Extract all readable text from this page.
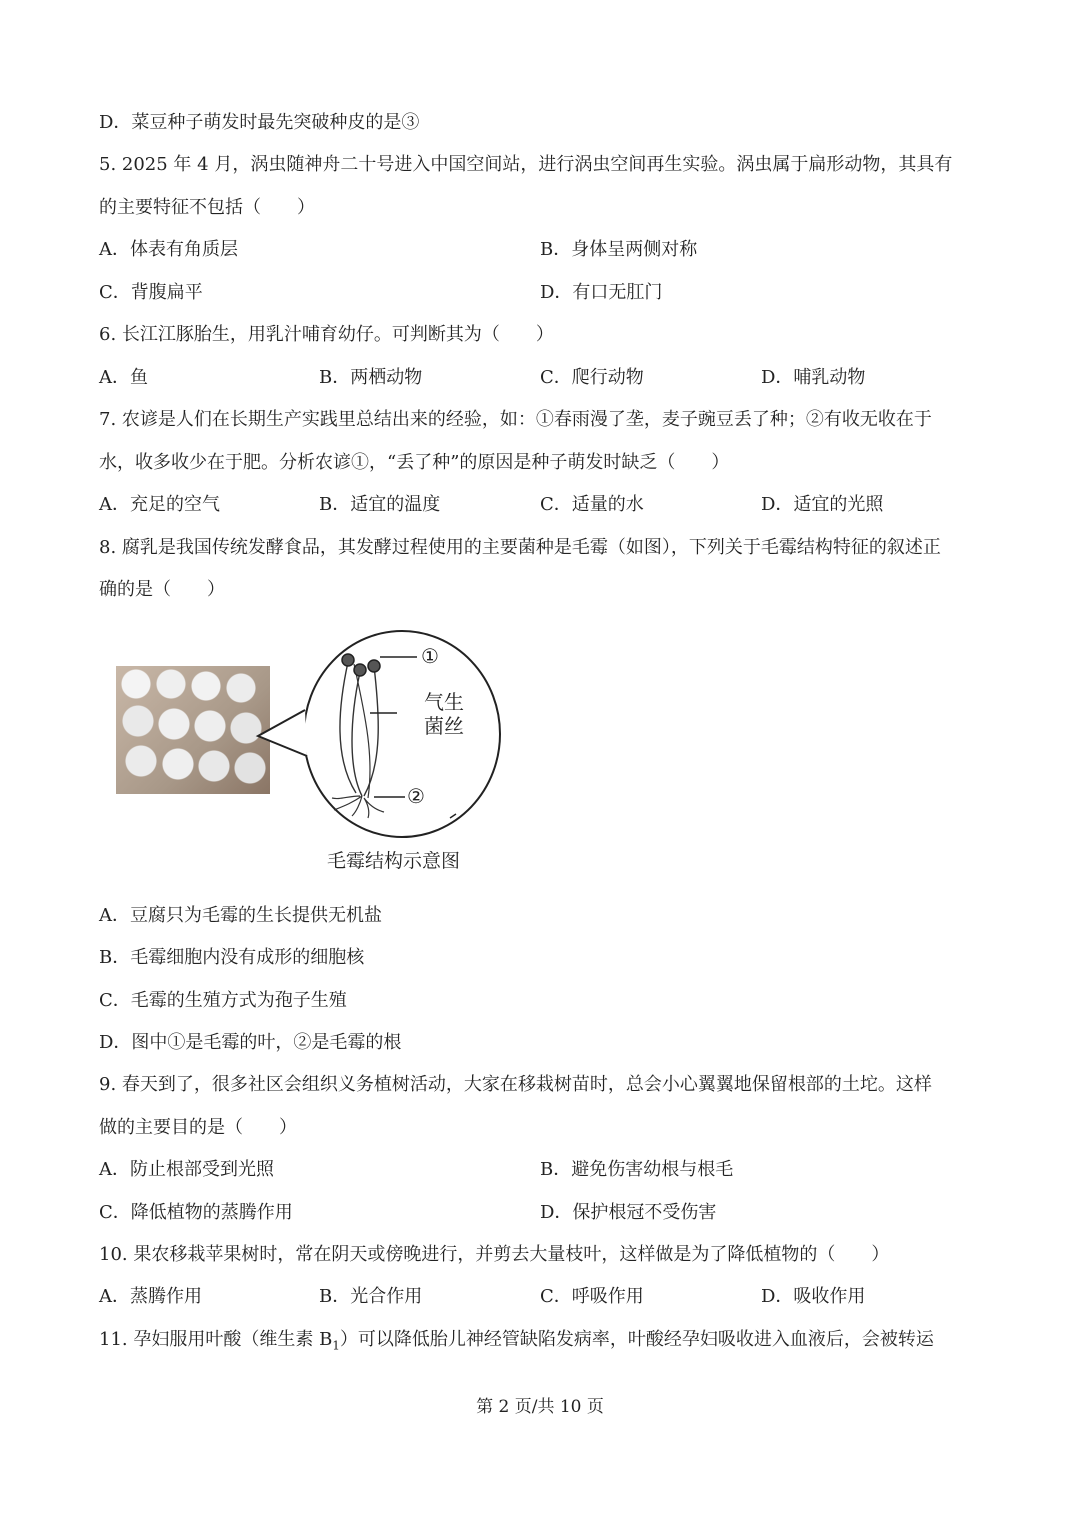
D．菜豆种子萌发时最先突破种皮的是③
5. 2025 年 4 月，涡虫随神舟二十号进入中国空间站，进行涡虫空间再生实验。涡虫属于扁形动物，其具有
的主要特征不包括（　　）
A．体表有角质层	B．身体呈两侧对称
C．背腹扁平	D．有口无肛门
6. 长江江豚胎生，用乳汁哺育幼仔。可判断其为（　　）
A．鱼	B．两栖动物	C．爬行动物	D．哺乳动物
7. 农谚是人们在长期生产实践里总结出来的经验，如：①春雨漫了垄，麦子豌豆丢了种；②有收无收在于
水，收多收少在于肥。分析农谚①，“丢了种”的原因是种子萌发时缺乏（　　）
A．充足的空气	B．适宜的温度	C．适量的水	D．适宜的光照
8. 腐乳是我国传统发酵食品，其发酵过程使用的主要菌种是毛霉（如图），下列关于毛霉结构特征的叙述正
确的是（　　）
①
气生
菌丝
②
毛霉结构示意图
A．豆腐只为毛霉的生长提供无机盐
B．毛霉细胞内没有成形的细胞核
C．毛霉的生殖方式为孢子生殖
D．图中①是毛霉的叶，②是毛霉的根
9. 春天到了，很多社区会组织义务植树活动，大家在移栽树苗时，总会小心翼翼地保留根部的土坨。这样
做的主要目的是（　　）
A．防止根部受到光照	B．避免伤害幼根与根毛
C．降低植物的蒸腾作用	D．保护根冠不受伤害
10. 果农移栽苹果树时，常在阴天或傍晚进行，并剪去大量枝叶，这样做是为了降低植物的（　　）
A．蒸腾作用	B．光合作用	C．呼吸作用	D．吸收作用
11. 孕妇服用叶酸（维生素 $B_1$）可以降低胎儿神经管缺陷发病率，叶酸经孕妇吸收进入血液后，会被转运
第 2 页/共 10 页
